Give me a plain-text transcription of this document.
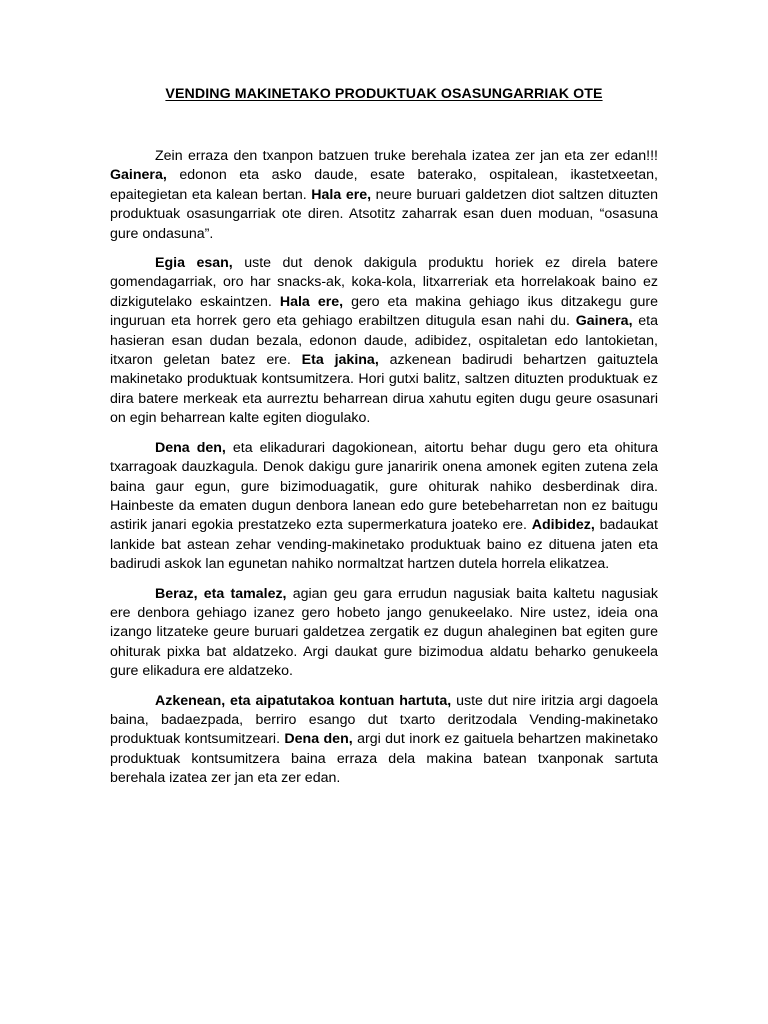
VENDING MAKINETAKO PRODUKTUAK OSASUNGARRIAK OTE

Zein erraza den txanpon batzuen truke berehala izatea zer jan eta zer edan!!! Gainera, edonon eta asko daude, esate baterako, ospitalean, ikastetxeetan, epaitegietan eta kalean bertan. Hala ere, neure buruari galdetzen diot saltzen dituzten produktuak osasungarriak ote diren. Atsotitz zaharrak esan duen moduan, “osasuna gure ondasuna”.

Egia esan, uste dut denok dakigula produktu horiek ez direla batere gomendagarriak, oro har snacks-ak, koka-kola, litxarreriak eta horrelakoak baino ez dizkigutelako eskaintzen. Hala ere, gero eta makina gehiago ikus ditzakegu gure inguruan eta horrek gero eta gehiago erabiltzen ditugula esan nahi du. Gainera, eta hasieran esan dudan bezala, edonon daude, adibidez, ospitaletan edo lantokietan, itxaron geletan batez ere. Eta jakina, azkenean badirudi behartzen gaituztela makinetako produktuak kontsumitzera. Hori gutxi balitz, saltzen dituzten produktuak ez dira batere merkeak eta aurreztu beharrean dirua xahutu egiten dugu geure osasunari on egin beharrean kalte egiten diogulako.

Dena den, eta elikadurari dagokionean, aitortu behar dugu gero eta ohitura txarragoak dauzkagula. Denok dakigu gure janaririk onena amonek egiten zutena zela baina gaur egun, gure bizimoduagatik, gure ohiturak nahiko desberdinak dira. Hainbeste da ematen dugun denbora lanean edo gure betebeharretan non ez baitugu astirik janari egokia prestatzeko ezta supermerkatura joateko ere. Adibidez, badaukat lankide bat astean zehar vending-makinetako produktuak baino ez dituena jaten eta badirudi askok lan egunetan nahiko normaltzat hartzen dutela horrela elikatzea.

Beraz, eta tamalez, agian geu gara errudun nagusiak baita kaltetu nagusiak ere denbora gehiago izanez gero hobeto jango genukeelako. Nire ustez, ideia ona izango litzateke geure buruari galdetzea zergatik ez dugun ahaleginen bat egiten gure ohiturak pixka bat aldatzeko. Argi daukat gure bizimodua aldatu beharko genukeela gure elikadura ere aldatzeko.

Azkenean, eta aipatutakoa kontuan hartuta, uste dut nire iritzia argi dagoela baina, badaezpada, berriro esango dut txarto deritzodala Vending-makinetako produktuak kontsumitzeari. Dena den, argi dut inork ez gaituela behartzen makinetako produktuak kontsumitzera baina erraza dela makina batean txanponak sartuta berehala izatea zer jan eta zer edan.
